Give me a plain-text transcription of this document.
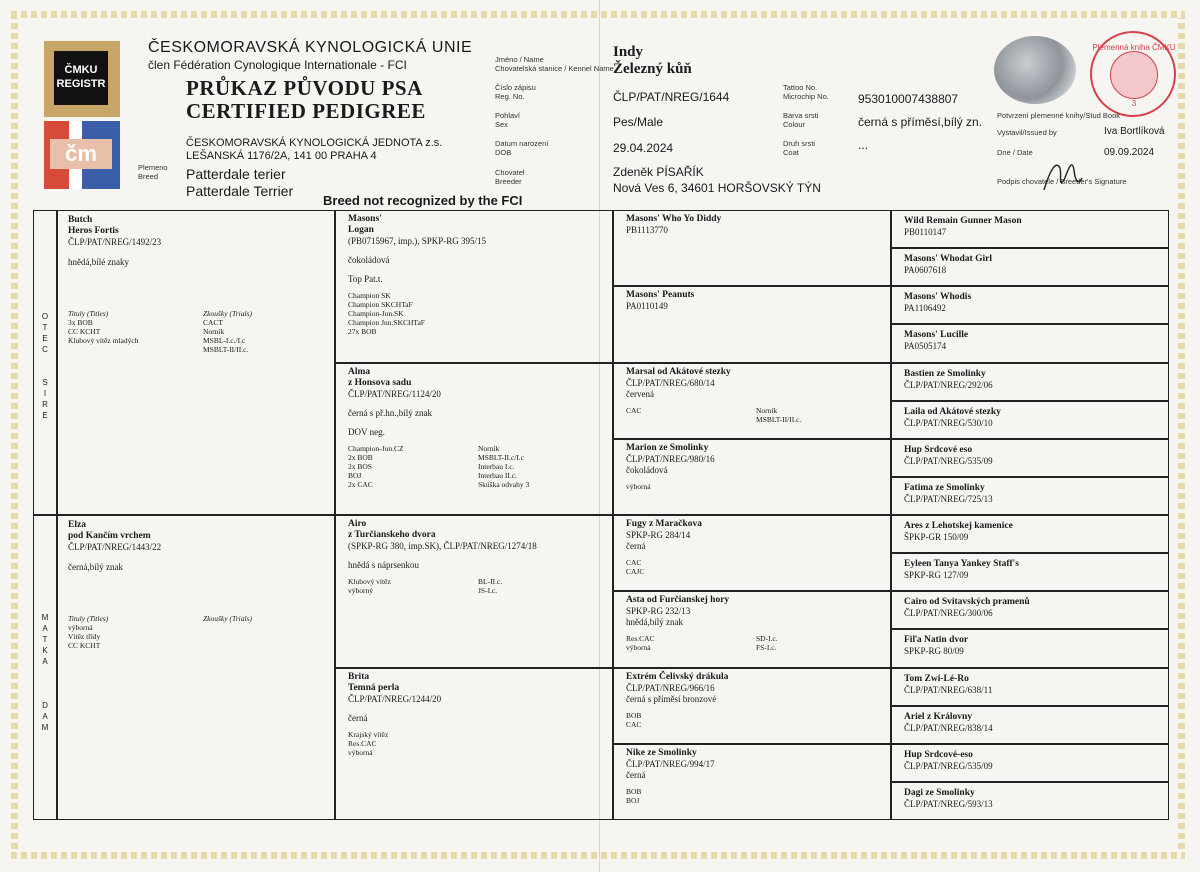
ČMKU
REGISTR
čm
ČESKOMORAVSKÁ KYNOLOGICKÁ UNIE
člen Fédération Cynologique Internationale - FCI
PRŮKAZ PŮVODU PSA
CERTIFIED PEDIGREE
ČESKOMORAVSKÁ KYNOLOGICKÁ JEDNOTA z.s.
LEŠANSKÁ 1176/2A, 141 00 PRAHA 4
Plemeno
Breed	Patterdale terier
Patterdale Terrier
Breed not recognized by the FCI
Jméno / Name
Chovatelská stanice / Kennel Name
Indy
Železný kůň
Číslo zápisu
Reg. No.	ČLP/PAT/NREG/1644
Tattoo No.
Microchip No. 953010007438807
Pohlaví
Sex	Pes/Male	Barva srsti
Colour	černá s příměsí,bílý zn.
Datum narození
DOB	29.04.2024	Druh srsti
Coat
...
Chovatel
Breeder
Zdeněk PÍSAŘÍK
Nová Ves 6, 34601 HORŠOVSKÝ TÝN
Plemenná kniha ČMKU
3
Potvrzení plemenné knihy/Stud Book
Vystavil/Issued by	Iva Bortlíková
Dne / Date	09.09.2024
Podpis chovatele / Breeder's Signature
O
T
E
C

S
I
R
E
M
A
T
K
A

D
A
M
Butch
Heros Fortis
ČLP/PAT/NREG/1492/23
hnědá,bílé znaky
Tituly (Titles)
3x BOB
CC KCHT
Klubový vítěz mladých
Zkoušky (Trials)
CACT
Norník
MSBL-I.c./I.c
MSBLT-II/II.c.
Elza
pod Kančím vrchem
ČLP/PAT/NREG/1443/22
černá,bílý znak
Tituly (Titles)
výborná
Vítěz třídy
CC KCHT
Zkoušky (Trials)
Masons'
Logan
(PB0715967, imp.), SPKP-RG 395/15
čokoládová
Top Pat.t.
Champion SK
Champion SKCHTaF
Champion-Jun.SK
Champion Jun.SKCHTaF
27x BOB
Alma
z Honsova sadu
ČLP/PAT/NREG/1124/20
černá s př.hn.,bílý znak
DOV neg.
Champion-Jun.CZ
2x BOB
2x BOS
BOJ
2x CAC
Norník
MSBLT-II.c/I.c
Interbau I.c.
Interbau II.c.
Skúška odvahy 3
Airo
z Turčianskeho dvora
(SPKP-RG 380, imp.SK), ČLP/PAT/NREG/1274/18
hnědá s náprsenkou
Klubový vítěz
výborný
BL-II.c.
JS-I.c.
Brita
Temná perla
ČLP/PAT/NREG/1244/20
černá
Krajský vítěz
Res.CAC
výborná
Masons' Who Yo Diddy
PB1113770
Masons' Peanuts
PA0110149
Marsal od Akátové stezky
ČLP/PAT/NREG/680/14
červená
CAC	Norník
MSBLT-II/II.c.
Marion ze Smolinky
ČLP/PAT/NREG/980/16
čokoládová
výborná
Fugy z Maračkova
SPKP-RG 284/14
černá
CAC
CAJC
Asta od Furčianskej hory
SPKP-RG 232/13
hnědá,bílý znak
Res.CAC
výborná
SD-I.c.
FS-I.c.
Extrém Čelivský drákula
ČLP/PAT/NREG/966/16
černá s příměsí bronzové
BOB
CAC
Nike ze Smolinky
ČLP/PAT/NREG/994/17
černá
BOB
BOJ
Wild Remain Gunner Mason
PB0110147
Masons' Whodat Girl
PA0607618
Masons' Whodis
PA1106492
Masons' Lucille
PA0505174
Bastien ze Smolinky
ČLP/PAT/NREG/292/06
Laila od Akátové stezky
ČLP/PAT/NREG/530/10
Hup Srdcové eso
ČLP/PAT/NREG/535/09
Fatima ze Smolinky
ČLP/PAT/NREG/725/13
Ares z Lehotskej kamenice
ŠPKP-GR 150/09
Eyleen Tanya Yankey Staff's
SPKP-RG 127/09
Cairo od Svitavských pramenů
ČLP/PAT/NREG/300/06
Fiľa Natin dvor
SPKP-RG 80/09
Tom Zwi-Lé-Ro
ČLP/PAT/NREG/638/11
Ariel z Královny
ČLP/PAT/NREG/838/14
Hup Srdcové-eso
ČLP/PAT/NREG/535/09
Dagi ze Smolinky
ČLP/PAT/NREG/593/13
